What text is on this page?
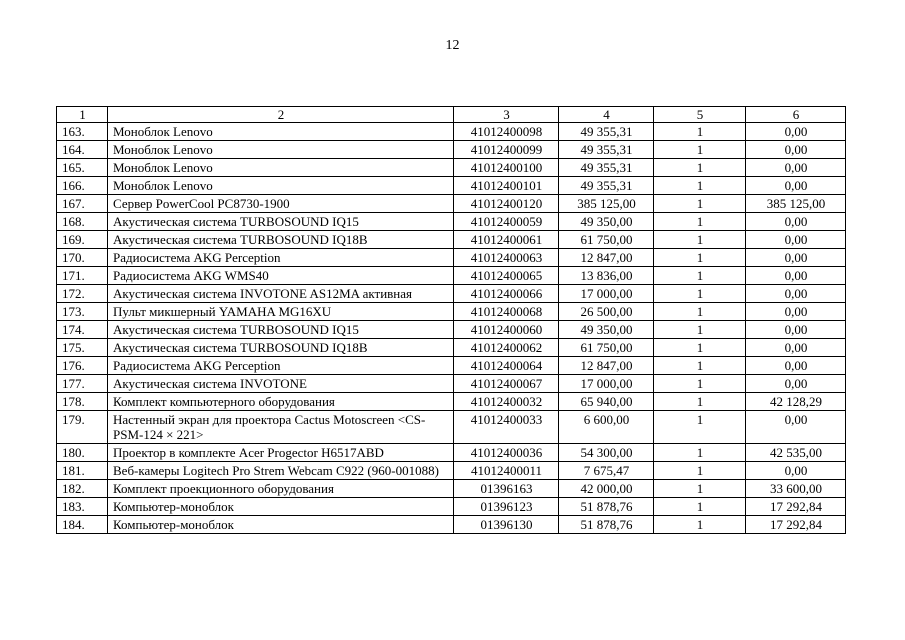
12
1	2	3	4	5	6
163.	Моноблок Lenovo	41012400098	49 355,31	1	0,00
164.	Моноблок Lenovo	41012400099	49 355,31	1	0,00
165.	Моноблок Lenovo	41012400100	49 355,31	1	0,00
166.	Моноблок Lenovo	41012400101	49 355,31	1	0,00
167.	Сервер PowerCool PC8730-1900	41012400120	385 125,00	1	385 125,00
168.	Акустическая система TURBOSOUND IQ15	41012400059	49 350,00	1	0,00
169.	Акустическая система TURBOSOUND IQ18B	41012400061	61 750,00	1	0,00
170.	Радиосистема AKG Perception	41012400063	12 847,00	1	0,00
171.	Радиосистема AKG WMS40	41012400065	13 836,00	1	0,00
172.	Акустическая система INVOTONE AS12MA активная	41012400066	17 000,00	1	0,00
173.	Пульт микшерный YAMAHA MG16XU	41012400068	26 500,00	1	0,00
174.	Акустическая система TURBOSOUND IQ15	41012400060	49 350,00	1	0,00
175.	Акустическая система TURBOSOUND IQ18B	41012400062	61 750,00	1	0,00
176.	Радиосистема AKG Perception	41012400064	12 847,00	1	0,00
177.	Акустическая система INVOTONE	41012400067	17 000,00	1	0,00
178.	Комплект компьютерного оборудования	41012400032	65 940,00	1	42 128,29
179.	Настенный экран для проектора Cactus Motoscreen <CS-PSM-124 × 221>	41012400033	6 600,00	1	0,00
180.	Проектор в комплекте Acer Progector H6517ABD	41012400036	54 300,00	1	42 535,00
181.	Веб-камеры Logitech Pro Strem Webcam C922 (960-001088)	41012400011	7 675,47	1	0,00
182.	Комплект проекционного оборудования	01396163	42 000,00	1	33 600,00
183.	Компьютер-моноблок	01396123	51 878,76	1	17 292,84
184.	Компьютер-моноблок	01396130	51 878,76	1	17 292,84
